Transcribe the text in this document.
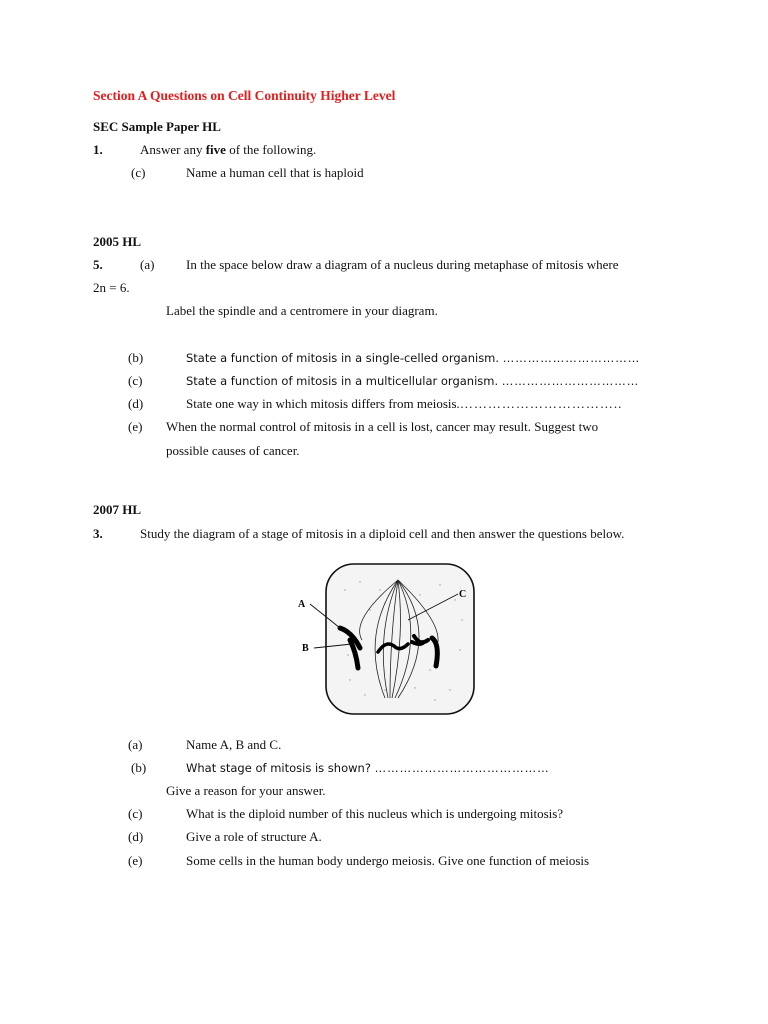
Section A Questions on Cell Continuity Higher Level
SEC Sample Paper HL
1.	Answer any five of the following.
(c)	Name a human cell that is haploid
2005 HL
5.	(a) In the space below draw a diagram of a nucleus during metaphase of mitosis where
2n = 6.
Label the spindle and a centromere in your diagram.
(b)	State a function of mitosis in a single-celled organism. ……………………………
(c)	State a function of mitosis in a multicellular organism. ……………………………
(d)	State one way in which mitosis differs from meiosis.……………………………..
(e) When the normal control of mitosis in a cell is lost, cancer may result. Suggest two
possible causes of cancer.
2007 HL
3.	Study the diagram of a stage of mitosis in a diploid cell and then answer the questions below.
A
B
C
(a)	Name A, B and C.
(b)	What stage of mitosis is shown? ……………………………………
Give a reason for your answer.
(c)	What is the diploid number of this nucleus which is undergoing mitosis?
(d)	Give a role of structure A.
(e)	Some cells in the human body undergo meiosis. Give one function of meiosis
